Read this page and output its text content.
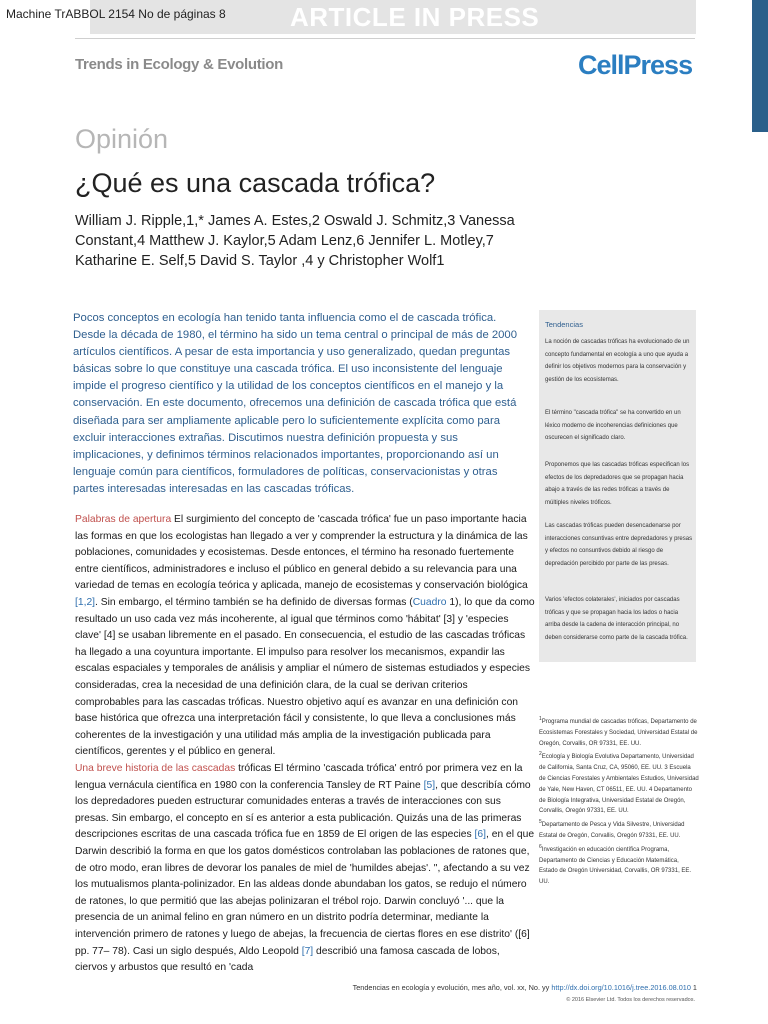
ARTICLE IN PRESS
Machine TrABBOL 2154 No de páginas 8
Trends in Ecology & Evolution	CellPress
Opinión
¿Qué es una cascada trófica?
William J. Ripple,1,* James A. Estes,2 Oswald J. Schmitz,3 Vanessa Constant,4 Matthew J. Kaylor,5 Adam Lenz,6 Jennifer L. Motley,7 Katharine E. Self,5 David S. Taylor ,4 y Christopher Wolf1
Pocos conceptos en ecología han tenido tanta influencia como el de cascada trófica. Desde la década de 1980, el término ha sido un tema central o principal de más de 2000 artículos científicos. A pesar de esta importancia y uso generalizado, quedan preguntas básicas sobre lo que constituye una cascada trófica. El uso inconsistente del lenguaje impide el progreso científico y la utilidad de los conceptos científicos en el manejo y la conservación. En este documento, ofrecemos una definición de cascada trófica que está diseñada para ser ampliamente aplicable pero lo suficientemente explícita como para excluir interacciones extrañas. Discutimos nuestra definición propuesta y sus implicaciones, y definimos términos relacionados importantes, proporcionando así un lenguaje común para científicos, formuladores de políticas, conservacionistas y otras partes interesadas interesadas en las cascadas tróficas.
Tendencias
La noción de cascadas tróficas ha evolucionado de un concepto fundamental en ecología a uno que ayuda a definir los objetivos modernos para la conservación y gestión de los ecosistemas.
El término "cascada trófica" se ha convertido en un léxico moderno de incoherencias definiciones que oscurecen el significado claro.
Proponemos que las cascadas tróficas especifican los efectos de los depredadores que se propagan hacia abajo a través de las redes tróficas a través de múltiples niveles tróficos.
Las cascadas tróficas pueden desencadenarse por interacciones consuntivas entre depredadores y presas y efectos no consuntivos debido al riesgo de depredación percibido por parte de las presas.
Varios 'efectos colaterales', iniciados por cascadas tróficas y que se propagan hacia los lados o hacia arriba desde la cadena de interacción principal, no deben considerarse como parte de la cascada trófica.
Palabras de apertura El surgimiento del concepto de 'cascada trófica' fue un paso importante hacia las formas en que los ecologistas han llegado a ver y comprender la estructura y la dinámica de las poblaciones, comunidades y ecosistemas. Desde entonces, el término ha resonado fuertemente entre científicos, administradores e incluso el público en general debido a su relevancia para una variedad de temas en ecología teórica y aplicada, manejo de ecosistemas y conservación biológica [1,2]. Sin embargo, el término también se ha definido de diversas formas (Cuadro 1), lo que da como resultado un uso cada vez más incoherente, al igual que términos como 'hábitat' [3] y 'especies clave' [4] se usaban libremente en el pasado. En consecuencia, el estudio de las cascadas tróficas ha llegado a una coyuntura importante. El impulso para resolver los mecanismos, expandir las escalas espaciales y temporales de análisis y ampliar el número de sistemas estudiados y especies consideradas, crea la necesidad de una definición clara, de la cual se derivan criterios comprobables para las cascadas tróficas. Nuestro objetivo aquí es avanzar en una definición con base histórica que ofrezca una interpretación fácil y consistente, lo que lleva a conclusiones más coherentes de la investigación y una utilidad más amplia de la investigación publicada para científicos, gerentes y el público en general.
Una breve historia de las cascadas tróficas El término 'cascada trófica' entró por primera vez en la lengua vernácula científica en 1980 con la conferencia Tansley de RT Paine [5], que describía cómo los depredadores pueden estructurar comunidades enteras a través de interacciones con sus presas. Sin embargo, el concepto en sí es anterior a esta publicación. Quizás una de las primeras descripciones escritas de una cascada trófica fue en 1859 de El origen de las especies [6], en el que Darwin describió la forma en que los gatos domésticos controlaban las poblaciones de ratones que, de otro modo, eran libres de devorar los panales de miel de 'humildes abejas'. ", afectando a su vez los mutualismos planta-polinizador. En las aldeas donde abundaban los gatos, se redujo el número de ratones, lo que permitió que las abejas polinizaran el trébol rojo. Darwin concluyó '... que la presencia de un animal felino en gran número en un distrito podría determinar, mediante la intervención primero de ratones y luego de abejas, la frecuencia de ciertas flores en ese distrito' ([6] pp. 77– 78). Casi un siglo después, Aldo Leopold [7] describió una famosa cascada de lobos, ciervos y arbustos que resultó en 'cada
$^1$Programa mundial de cascadas tróficas, Departamento de Ecosistemas Forestales y Sociedad, Universidad Estatal de Oregón, Corvallis, OR 97331, EE. UU.
$^2$Ecología y Biología Evolutiva Departamento, Universidad de California, Santa Cruz, CA, 95060, EE. UU. 3 Escuela de Ciencias Forestales y Ambientales Estudios, Universidad de Yale, New Haven, CT 06511, EE. UU. 4 Departamento de Biología Integrativa, Universidad Estatal de Oregón, Corvallis, Oregón 97331, EE. UU.
$^5$Departamento de Pesca y Vida Silvestre, Universidad Estatal de Oregón, Corvallis, Oregón 97331, EE. UU.
$^6$Investigación en educación científica Programa, Departamento de Ciencias y Educación Matemática, Estado de Oregón Universidad, Corvallis, OR 97331, EE. UU.
Tendencias en ecología y evolución, mes año, vol. xx, No. yy http://dx.doi.org/10.1016/j.tree.2016.08.010 1
© 2016 Elsevier Ltd. Todos los derechos reservados.
